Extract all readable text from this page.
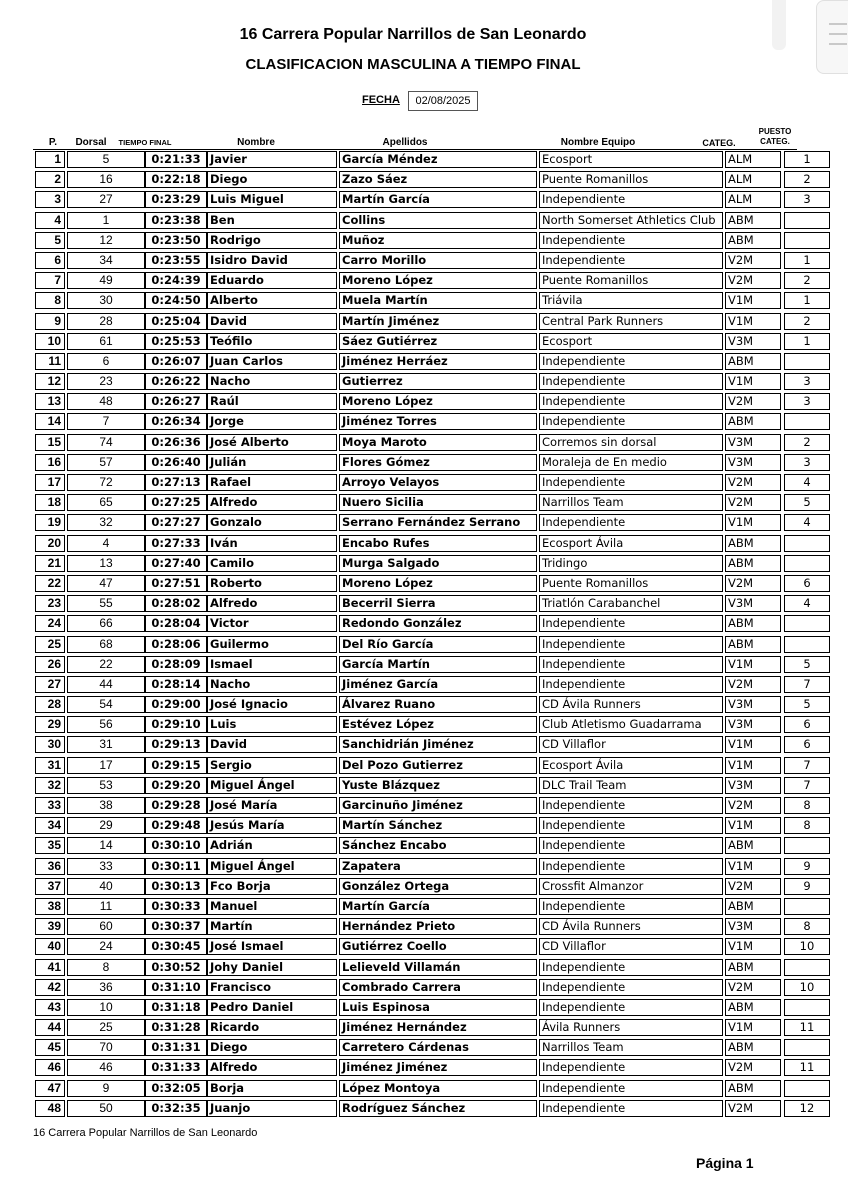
16 Carrera Popular Narrillos de San Leonardo
CLASIFICACION MASCULINA A TIEMPO FINAL
FECHA	02/08/2025
P.	Dorsal	TIEMPO FINAL	Nombre	Apellidos	Nombre Equipo	CATEG.
PUESTO
CATEG.
1	5	0:21:33 Javier	García Méndez	Ecosport	ALM	1
2	16	0:22:18 Diego	Zazo Sáez	Puente Romanillos	ALM	2
3	27	0:23:29 Luis Miguel	Martín García	Independiente	ALM	3
4	1	0:23:38 Ben	Collins	North Somerset Athletics Club	ABM
5	12	0:23:50 Rodrigo	Muñoz	Independiente	ABM
6	34	0:23:55 Isidro David	Carro Morillo	Independiente	V2M	1
7	49	0:24:39 Eduardo	Moreno López	Puente Romanillos	V2M	2
8	30	0:24:50 Alberto	Muela Martín	Triávila	V1M	1
9	28	0:25:04 David	Martín Jiménez	Central Park Runners	V1M	2
10	61	0:25:53 Teófilo	Sáez Gutiérrez	Ecosport	V3M	1
11	6	0:26:07 Juan Carlos	Jiménez Herráez	Independiente	ABM
12	23	0:26:22 Nacho	Gutierrez	Independiente	V1M	3
13	48	0:26:27 Raúl	Moreno López	Independiente	V2M	3
14	7	0:26:34 Jorge	Jiménez Torres	Independiente	ABM
15	74	0:26:36 José Alberto	Moya Maroto	Corremos sin dorsal	V3M	2
16	57	0:26:40 Julián	Flores Gómez	Moraleja de En medio	V3M	3
17	72	0:27:13 Rafael	Arroyo Velayos	Independiente	V2M	4
18	65	0:27:25 Alfredo	Nuero Sicilia	Narrillos Team	V2M	5
19	32	0:27:27 Gonzalo	Serrano Fernández Serrano	Independiente	V1M	4
20	4	0:27:33 Iván	Encabo Rufes	Ecosport Ávila	ABM
21	13	0:27:40 Camilo	Murga Salgado	Tridingo	ABM
22	47	0:27:51 Roberto	Moreno López	Puente Romanillos	V2M	6
23	55	0:28:02 Alfredo	Becerril Sierra	Triatlón Carabanchel	V3M	4
24	66	0:28:04 Victor	Redondo González	Independiente	ABM
25	68	0:28:06 Guilermo	Del Río García	Independiente	ABM
26	22	0:28:09 Ismael	García Martín	Independiente	V1M	5
27	44	0:28:14 Nacho	Jiménez García	Independiente	V2M	7
28	54	0:29:00 José Ignacio	Álvarez Ruano	CD Ávila Runners	V3M	5
29	56	0:29:10 Luis	Estévez López	Club Atletismo Guadarrama	V3M	6
30	31	0:29:13 David	Sanchidrián Jiménez	CD Villaflor	V1M	6
31	17	0:29:15 Sergio	Del Pozo Gutierrez	Ecosport Ávila	V1M	7
32	53	0:29:20 Miguel Ángel	Yuste Blázquez	DLC Trail Team	V3M	7
33	38	0:29:28 José María	Garcinuño Jiménez	Independiente	V2M	8
34	29	0:29:48 Jesús María	Martín Sánchez	Independiente	V1M	8
35	14	0:30:10 Adrián	Sánchez Encabo	Independiente	ABM
36	33	0:30:11 Miguel Ángel	Zapatera	Independiente	V1M	9
37	40	0:30:13 Fco Borja	González Ortega	Crossfit Almanzor	V2M	9
38	11	0:30:33 Manuel	Martín García	Independiente	ABM
39	60	0:30:37 Martín	Hernández Prieto	CD Ávila Runners	V3M	8
40	24	0:30:45 José Ismael	Gutiérrez Coello	CD Villaflor	V1M	10
41	8	0:30:52 Johy Daniel	Lelieveld Villamán	Independiente	ABM
42	36	0:31:10 Francisco	Combrado Carrera	Independiente	V2M	10
43	10	0:31:18 Pedro Daniel	Luis Espinosa	Independiente	ABM
44	25	0:31:28 Ricardo	Jiménez Hernández	Ávila Runners	V1M	11
45	70	0:31:31 Diego	Carretero Cárdenas	Narrillos Team	ABM
46	46	0:31:33 Alfredo	Jiménez Jiménez	Independiente	V2M	11
47	9	0:32:05 Borja	López Montoya	Independiente	ABM
48	50	0:32:35 Juanjo	Rodríguez Sánchez	Independiente	V2M	12
16 Carrera Popular Narrillos de San Leonardo
Página 1
